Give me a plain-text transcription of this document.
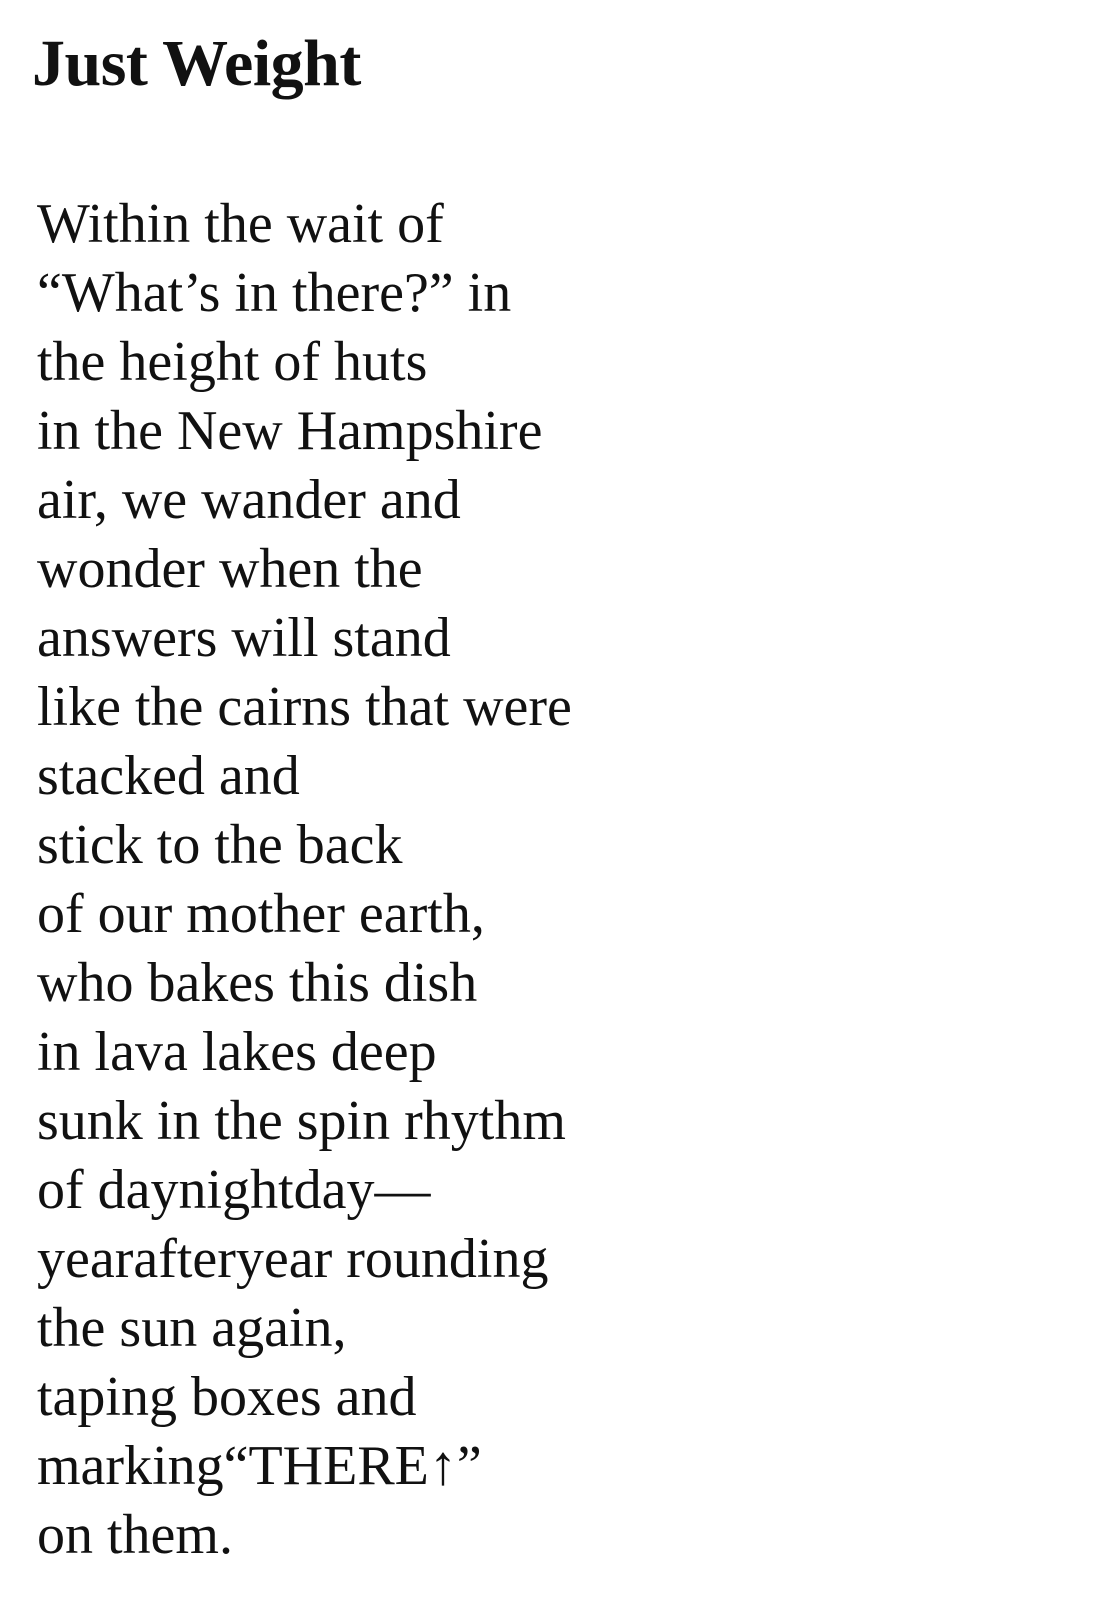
Just Weight
Within the wait of
“What’s in there?” in
the height of huts
in the New Hampshire
air, we wander and
wonder when the
answers will stand
like the cairns that were
stacked and
stick to the back
of our mother earth,
who bakes this dish
in lava lakes deep
sunk in the spin rhythm
of daynightday—
yearafteryear rounding
the sun again,
taping boxes and
marking“THERE↑”
on them.
